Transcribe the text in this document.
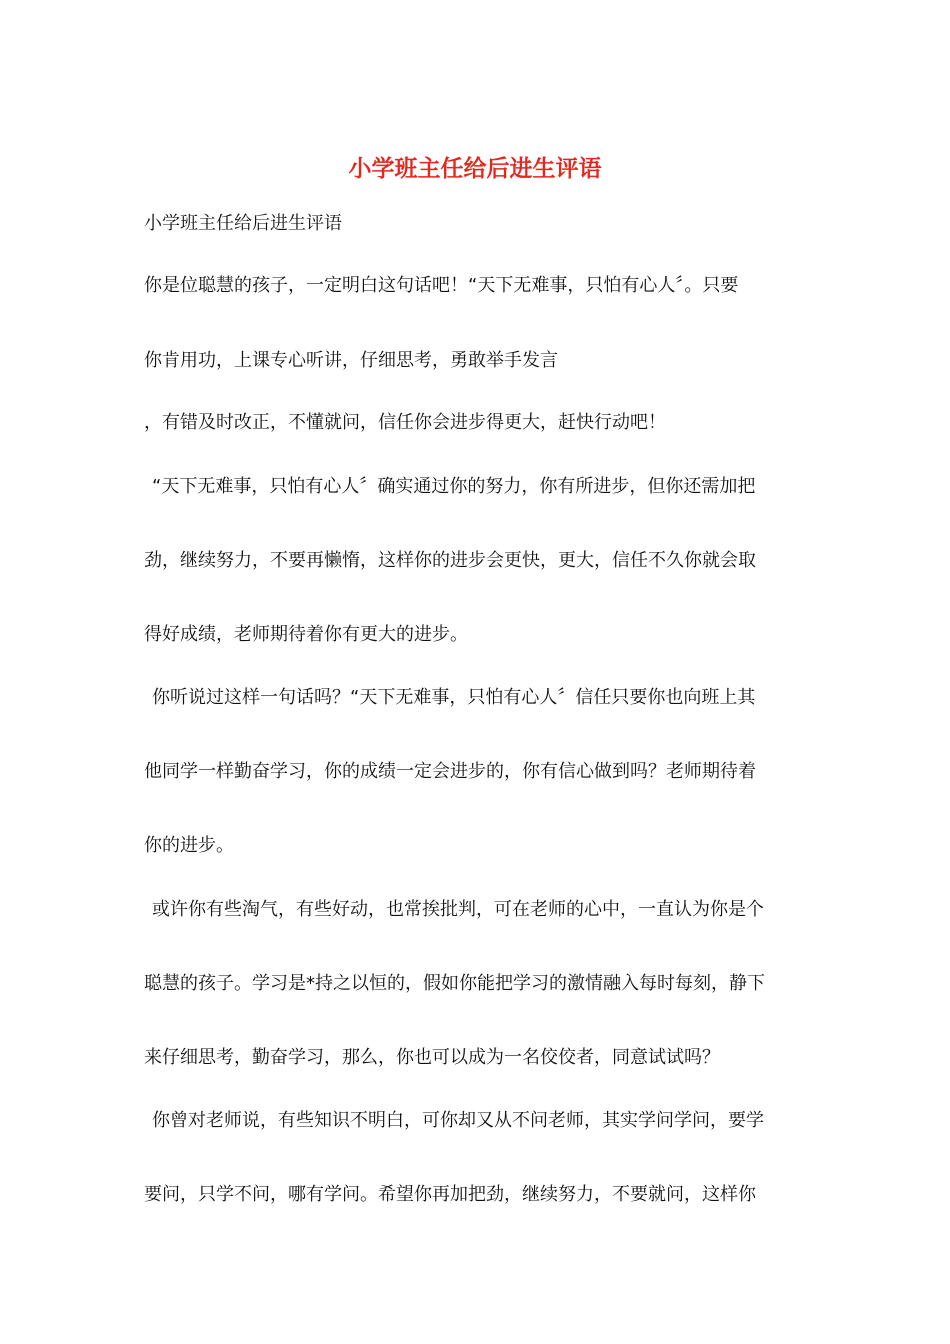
小学班主任给后进生评语
小学班主任给后进生评语
你是位聪慧的孩子，一定明白这句话吧！“天下无难事，只怕有心人〞。只要
你肯用功，上课专心听讲，仔细思考，勇敢举手发言
，有错及时改正，不懂就问，信任你会进步得更大，赶快行动吧！
“天下无难事，只怕有心人〞确实通过你的努力，你有所进步，但你还需加把
劲，继续努力，不要再懒惰，这样你的进步会更快，更大，信任不久你就会取
得好成绩，老师期待着你有更大的进步。
你听说过这样一句话吗？“天下无难事，只怕有心人〞信任只要你也向班上其
他同学一样勤奋学习，你的成绩一定会进步的，你有信心做到吗？老师期待着
你的进步。
或许你有些淘气，有些好动，也常挨批判，可在老师的心中，一直认为你是个
聪慧的孩子。学习是*持之以恒的，假如你能把学习的激情融入每时每刻，静下
来仔细思考，勤奋学习，那么，你也可以成为一名佼佼者，同意试试吗？
你曾对老师说，有些知识不明白，可你却又从不问老师，其实学问学问，要学
要问，只学不问，哪有学问。希望你再加把劲，继续努力，不要就问，这样你
